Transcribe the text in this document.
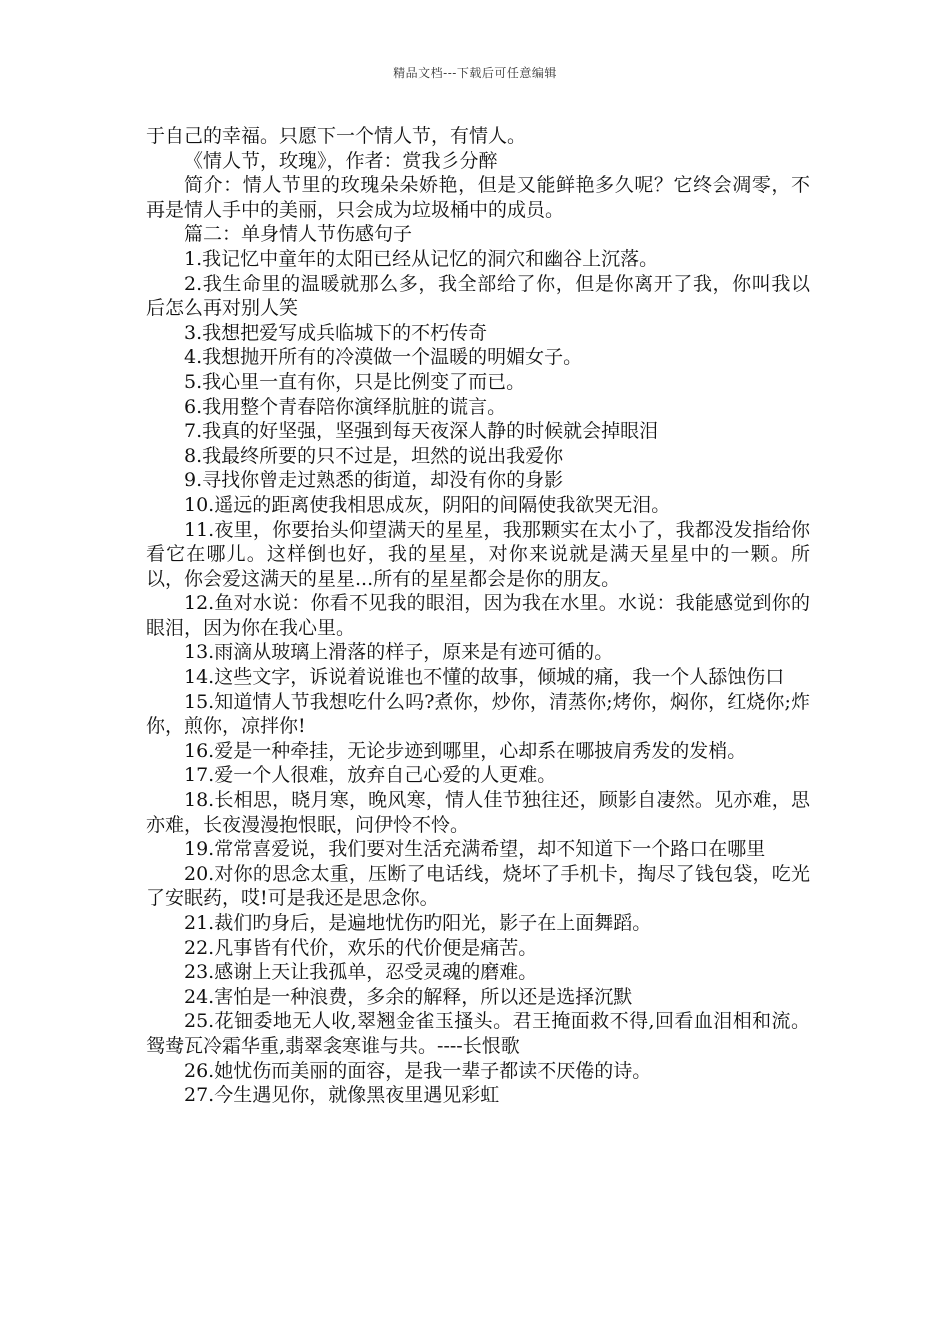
精品文档---下载后可任意编辑

于自己的幸福。只愿下一个情人节，有情人。

《情人节，玫瑰》，作者：赏我彡分醉

简介：情人节里的玫瑰朵朵娇艳，但是又能鲜艳多久呢？它终会凋零，不再是情人手中的美丽，只会成为垃圾桶中的成员。

篇二：单身情人节伤感句子

1.我记忆中童年的太阳已经从记忆的洞穴和幽谷上沉落。

2.我生命里的温暖就那么多，我全部给了你，但是你离开了我，你叫我以后怎么再对别人笑

3.我想把爱写成兵临城下的不朽传奇

4.我想抛开所有的冷漠做一个温暖的明媚女子。

5.我心里一直有你，只是比例变了而已。

6.我用整个青春陪你演绎肮脏的谎言。

7.我真的好坚强，坚强到每天夜深人静的时候就会掉眼泪

8.我最终所要的只不过是，坦然的说出我爱你

9.寻找你曾走过熟悉的街道，却没有你的身影

10.遥远的距离使我相思成灰，阴阳的间隔使我欲哭无泪。

11.夜里，你要抬头仰望满天的星星，我那颗实在太小了，我都没发指给你看它在哪儿。这样倒也好，我的星星，对你来说就是满天星星中的一颗。所以，你会爱这满天的星星...所有的星星都会是你的朋友。

12.鱼对水说：你看不见我的眼泪，因为我在水里。水说：我能感觉到你的眼泪，因为你在我心里。

13.雨滴从玻璃上滑落的样子，原来是有迹可循的。

14.这些文字，诉说着说谁也不懂的故事，倾城的痛，我一个人舔蚀伤口

15.知道情人节我想吃什么吗?煮你，炒你，清蒸你;烤你，焖你，红烧你;炸你，煎你，凉拌你!

16.爱是一种牵挂，无论步迹到哪里，心却系在哪披肩秀发的发梢。

17.爱一个人很难，放弃自己心爱的人更难。

18.长相思，晓月寒，晚风寒，情人佳节独往还，顾影自凄然。见亦难，思亦难，长夜漫漫抱恨眠，问伊怜不怜。

19.常常喜爱说，我们要对生活充满希望，却不知道下一个路口在哪里

20.对你的思念太重，压断了电话线，烧坏了手机卡，掏尽了钱包袋，吃光了安眠药，哎!可是我还是思念你。

21.裁们旳身后，是遍地忧伤旳阳光，影子在上面舞蹈。

22.凡事皆有代价，欢乐的代价便是痛苦。

23.感谢上天让我孤单，忍受灵魂的磨难。

24.害怕是一种浪费，多余的解释，所以还是选择沉默

25.花钿委地无人收,翠翘金雀玉搔头。君王掩面救不得,回看血泪相和流。鸳鸯瓦冷霜华重,翡翠衾寒谁与共。----长恨歌

26.她忧伤而美丽的面容，是我一辈子都读不厌倦的诗。

27.今生遇见你，就像黑夜里遇见彩虹
